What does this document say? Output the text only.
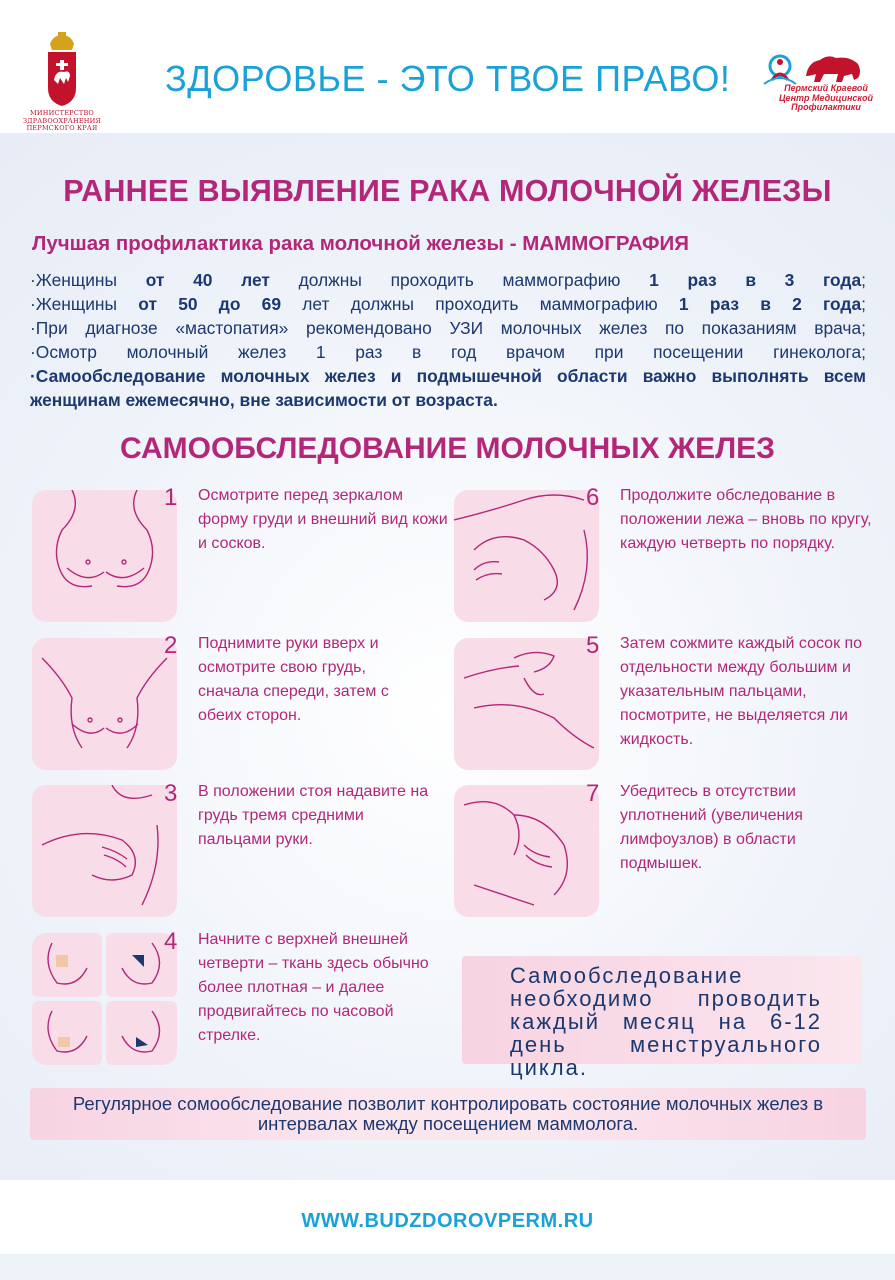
МИНИСТЕРСТВО ЗДРАВООХРАНЕНИЯ ПЕРМСКОГО КРАЯ
ЗДОРОВЬЕ - ЭТО ТВОЕ ПРАВО!	Пермский Краевой Центр Медицинской Профилактики
РАННЕЕ ВЫЯВЛЕНИЕ РАКА МОЛОЧНОЙ ЖЕЛЕЗЫ
Лучшая профилактика рака молочной железы - МАММОГРАФИЯ
·Женщины от 40 лет должны проходить маммографию 1 раз в 3 года;
·Женщины от 50 до 69 лет должны проходить маммографию 1 раз в 2 года;
·При диагнозе «мастопатия» рекомендовано УЗИ молочных желез по показаниям врача;
·Осмотр молочный желез 1 раз в год врачом при посещении гинеколога;
·Самообследование молочных желез и подмышечной области важно выполнять всем женщинам ежемесячно, вне зависимости от возраста.
САМООБСЛЕДОВАНИЕ МОЛОЧНЫХ ЖЕЛЕЗ
1 Осмотрите перед зеркалом форму груди и внешний вид кожи и сосков.
2 Поднимите руки вверх и осмотрите свою грудь, сначала спереди, затем с обеих сторон.
3 В положении стоя надавите на грудь тремя средними пальцами руки.
4 Начните с верхней внешней четверти – ткань здесь обычно более плотная – и далее продвигайтесь по часовой стрелке.
6 Продолжите обследование в положении лежа – вновь по кругу, каждую четверть по порядку.
5 Затем сожмите каждый сосок по отдельности между большим и указательным пальцами, посмотрите, не выделяется ли жидкость.
7 Убедитесь в отсутствии уплотнений (увеличения лимфоузлов) в области подмышек.
Самообследование необходимо проводить каждый месяц на 6-12 день менструального цикла.
Регулярное сомообследование позволит контролировать состояние молочных желез в интервалах между посещением маммолога.
WWW.BUDZDOROVPERM.RU
